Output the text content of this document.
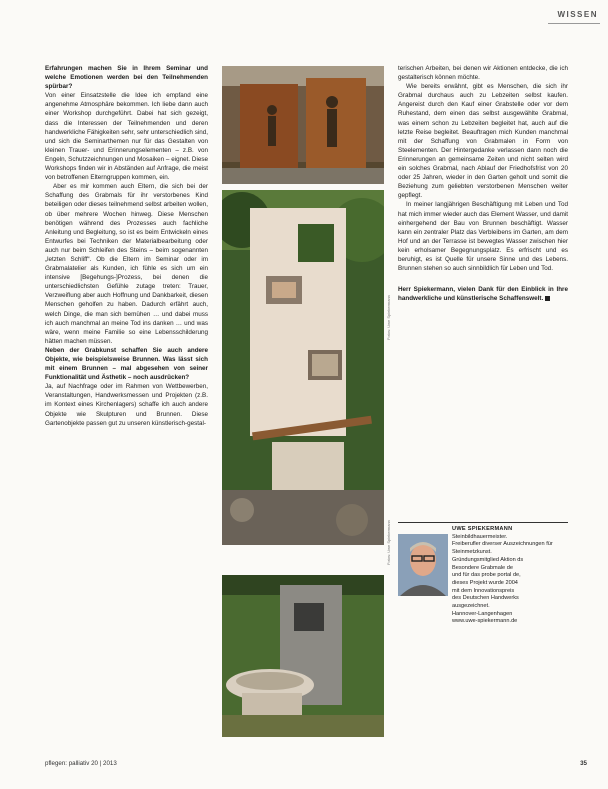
WISSEN

Erfahrungen machen Sie in Ihrem Seminar und welche Emotionen werden bei den Teilnehmenden spürbar?

Von einer Einsatzstelle die Idee ich empfand eine angenehme Atmosphäre bekommen. Ich liebe dann auch einer Workshop durchgeführt. Dabei hat sich gezeigt, dass die Interessen der Teilnehmenden und deren handwerkliche Fähigkeiten sehr, sehr unterschiedlich sind, und sich die Seminarthemen nur für das Gestalten von kleinen Trauer- und Erinnerungselementen – z.B. von Engeln, Schutzzeichnungen und Mosaiken – eignet. Diese Workshops finden wir in Abständen auf Anfrage, die meist von betroffenen Elterngruppen kommen, ein.

Aber es mir kommen auch Eltern, die sich bei der Schaffung des Grabmals für ihr verstorbenes Kind beteiligen oder dieses teilnehmend selbst arbeiten wollen, ob über mehrere Wochen hinweg. Diese Menschen benötigen während des Prozesses auch fachliche Anleitung und Begleitung, so ist es beim Entwickeln eines Entwurfes bei Techniken der Materialbearbeitung oder auch nur beim Schleifen des Steins – beim sogenannten „letzten Schliff“. Ob die Eltern im Seminar oder im Grabmalatelier als Kunden, ich fühle es sich um ein intensive [Begehungs-]Prozess, bei denen die unterschiedlichsten Gefühle zutage treten: Trauer, Verzweiflung aber auch Hoffnung und Dankbarkeit, diesen Menschen geholfen zu haben. Dadurch erfährt auch, welch Dinge, die man sich bemühen … und dabei muss ich auch manchmal an meine Tod ins danken … und was wäre, wenn meine Familie so eine Lebensschilderung hätten machen müssen.

Neben der Grabkunst schaffen Sie auch andere Objekte, wie beispielsweise Brunnen. Was lässt sich mit einem Brunnen – mal abgesehen von seiner Funktionalität und Ästhetik – noch ausdrücken?

Ja, auf Nachfrage oder im Rahmen von Wettbewerben, Veranstaltungen, Handwerksmessen und Projekten (z.B. im Kontext eines Kirchenlagers) schaffe ich auch andere Objekte wie Skulpturen und Brunnen. Diese Gartenobjekte passen gut zu unseren künstlerisch-gestal-

Fotos: Uwe Spiekermann
Fotos: Uwe Spiekermann

terischen Arbeiten, bei denen wir Aktionen entdecke, die ich gestalterisch können möchte.

Wie bereits erwähnt, gibt es Menschen, die sich ihr Grabmal durchaus auch zu Lebzeiten selbst kaufen. Angereist durch den Kauf einer Grabstelle oder vor dem Ruhestand, dem einen das selbst ausgewählte Grabmal, was einem schon zu Lebzeiten begleitet hat, auch auf die letzte Reise begleitet. Beauftragen mich Kunden manchmal mit der Schaffung von Grabmalen in Form von Steelementen. Der Hintergedanke verlassen dann noch die Erinnerungen an gemeinsame Zeiten und nicht selten wird ein solches Grabmal, nach Ablauf der Friedhofsfrist von 20 oder 25 Jahren, wieder in den Garten geholt und somit die Beziehung zum geliebten verstorbenen Menschen weiter gepflegt.

In meiner langjährigen Beschäftigung mit Leben und Tod hat mich immer wieder auch das Element Wasser, und damit einhergehend der Bau von Brunnen beschäftigt. Wasser kann ein zentraler Platz das Verbleibens im Garten, am dem Hof und an der Terrasse ist bewegtes Wasser zwischen hier kein erholsamer Begegnungsplatz. Es erfrischt und es beruhigt, es ist Quelle für unsere Sinne und des Lebens. Brunnen stehen so auch sinnbildlich für Leben und Tod.

Herr Spiekermann, vielen Dank für den Einblick in Ihre handwerkliche und künstlerische Schaffenswelt.

UWE SPIEKERMANN
Steinbildhauermeister.
Freiberufler diverser Auszeichnungen für Steinmetzkunst.
Gründungsmitglied Aktion ds
Besondere Grabmale de
und für das probe portal de,
dieses Projekt wurde 2004
mit dem Innovationspreis
des Deutschen Handwerks
ausgezeichnet.
Hannover-Langenhagen
www.uwe-spiekermann.de
pflegen: palliativ 20 | 2013	35
